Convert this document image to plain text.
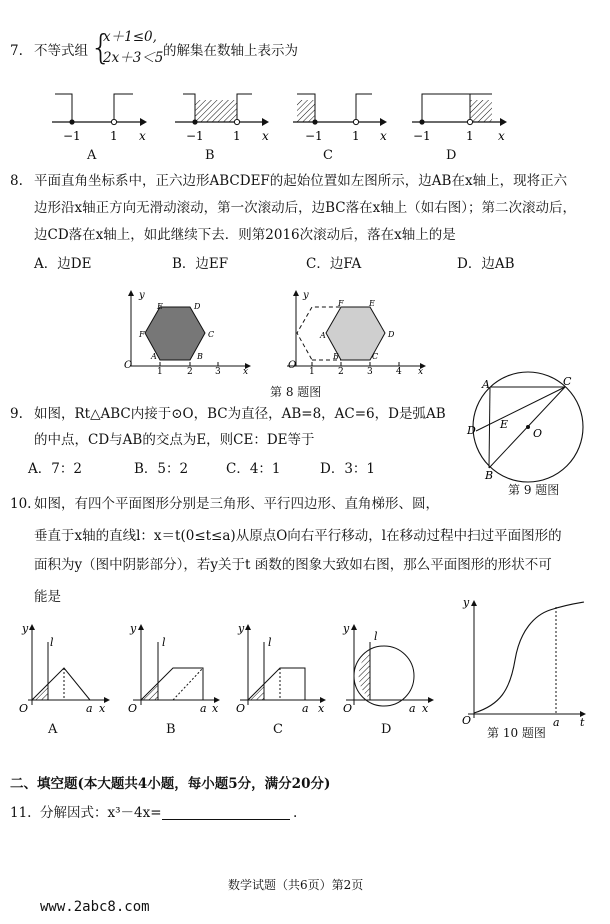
7. 不等式组 {
x＋1≤0,
2x＋3＜5 的解集在数轴上表示为
−1 1 x	−1 1 x	−1 1 x −1	1 x
A	B	C	D
8. 平面直角坐标系中，正六边形ABCDEF的起始位置如左图所示，边AB在x轴上，现将正六
边形沿x轴正方向无滑动滚动，第一次滚动后，边BC落在x轴上（如右图）；第二次滚动后，
边CD落在x轴上，如此继续下去．则第2016次滚动后，落在x轴上的是
A．边DE	B．边EF	C．边FA	D．边AB
y
O
1	2 3 x
A	B
C
D
E
F
y
O
1	2	3	4 x
A
B	C
D
E
F
第 8 题图
9. 如图，Rt△ABC内接于⊙O，BC为直径，AB=8，AC=6，D是弧AB
的中点，CD与AB的交点为E，则CE：DE等于
A．7：2	B．5：2	C．4：1	D．3：1
A
B
C
D E
O
第 9 题图
10. 如图，有四个平面图形分别是三角形、平行四边形、直角梯形、圆，
垂直于x轴的直线l：x＝t(0≤t≤a)从原点O向右平行移动，l在移动过程中扫过平面图形的
面积为y（图中阴影部分），若y关于t 函数的图象大致如右图，那么平面图形的形状不可
能是
y
l
O	a x
y
l
O	a x
y
l
O	a x
y
l
O	a x
y
O	a t
A	B	C	D	第 10 题图
二、填空题(本大题共4小题，每小题5分，满分20分)
11. 分解因式：x³－4x=	.
数学试题（共6页）第2页
www.2abc8.com
